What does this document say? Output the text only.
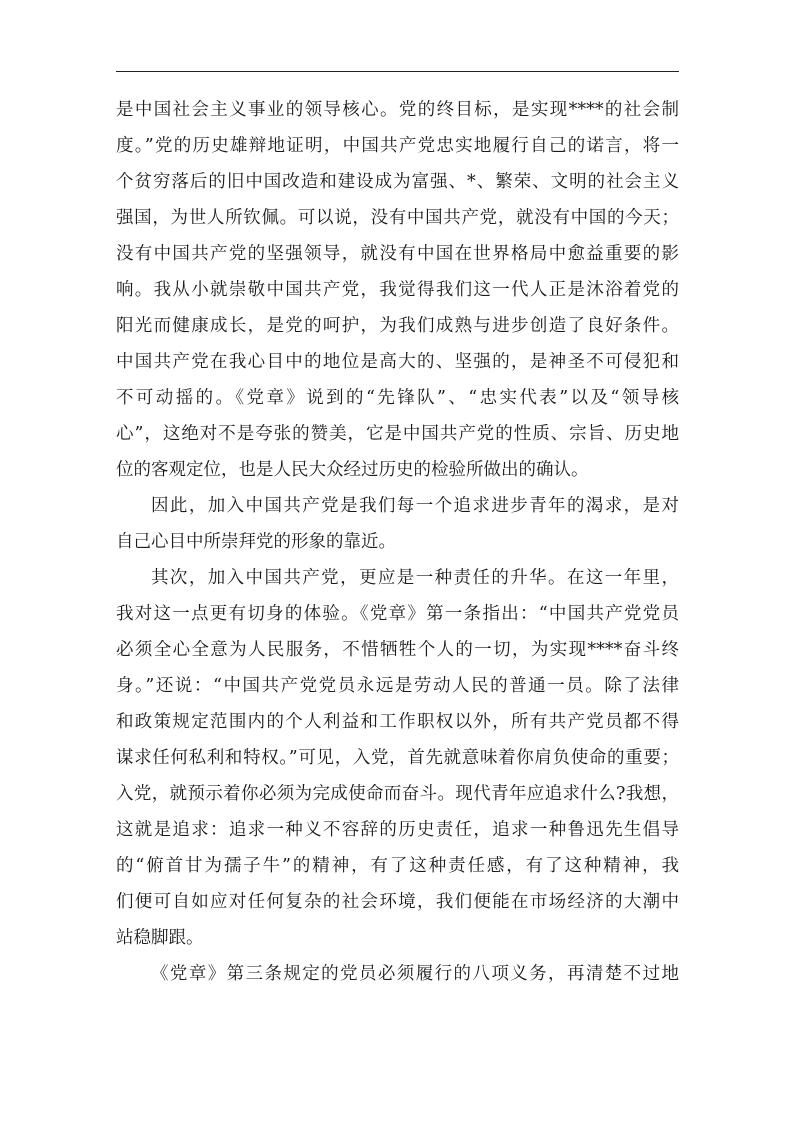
是中国社会主义事业的领导核心。党的终目标，是实现****的社会制
度。”党的历史雄辩地证明，中国共产党忠实地履行自己的诺言，将一
个贫穷落后的旧中国改造和建设成为富强、*、繁荣、文明的社会主义
强国，为世人所钦佩。可以说，没有中国共产党，就没有中国的今天；
没有中国共产党的坚强领导，就没有中国在世界格局中愈益重要的影
响。我从小就崇敬中国共产党，我觉得我们这一代人正是沐浴着党的
阳光而健康成长，是党的呵护，为我们成熟与进步创造了良好条件。
中国共产党在我心目中的地位是高大的、坚强的，是神圣不可侵犯和
不可动摇的。《党章》说到的“先锋队”、“忠实代表”以及“领导核
心”，这绝对不是夸张的赞美，它是中国共产党的性质、宗旨、历史地
位的客观定位，也是人民大众经过历史的检验所做出的确认。
因此，加入中国共产党是我们每一个追求进步青年的渴求，是对
自己心目中所崇拜党的形象的靠近。
其次，加入中国共产党，更应是一种责任的升华。在这一年里，
我对这一点更有切身的体验。《党章》第一条指出：“中国共产党党员
必须全心全意为人民服务，不惜牺牲个人的一切，为实现****奋斗终
身。”还说：“中国共产党党员永远是劳动人民的普通一员。除了法律
和政策规定范围内的个人利益和工作职权以外，所有共产党员都不得
谋求任何私利和特权。”可见，入党，首先就意味着你肩负使命的重要；
入党，就预示着你必须为完成使命而奋斗。现代青年应追求什么?我想，
这就是追求：追求一种义不容辞的历史责任，追求一种鲁迅先生倡导
的“俯首甘为孺子牛”的精神，有了这种责任感，有了这种精神，我
们便可自如应对任何复杂的社会环境，我们便能在市场经济的大潮中
站稳脚跟。
《党章》第三条规定的党员必须履行的八项义务，再清楚不过地
